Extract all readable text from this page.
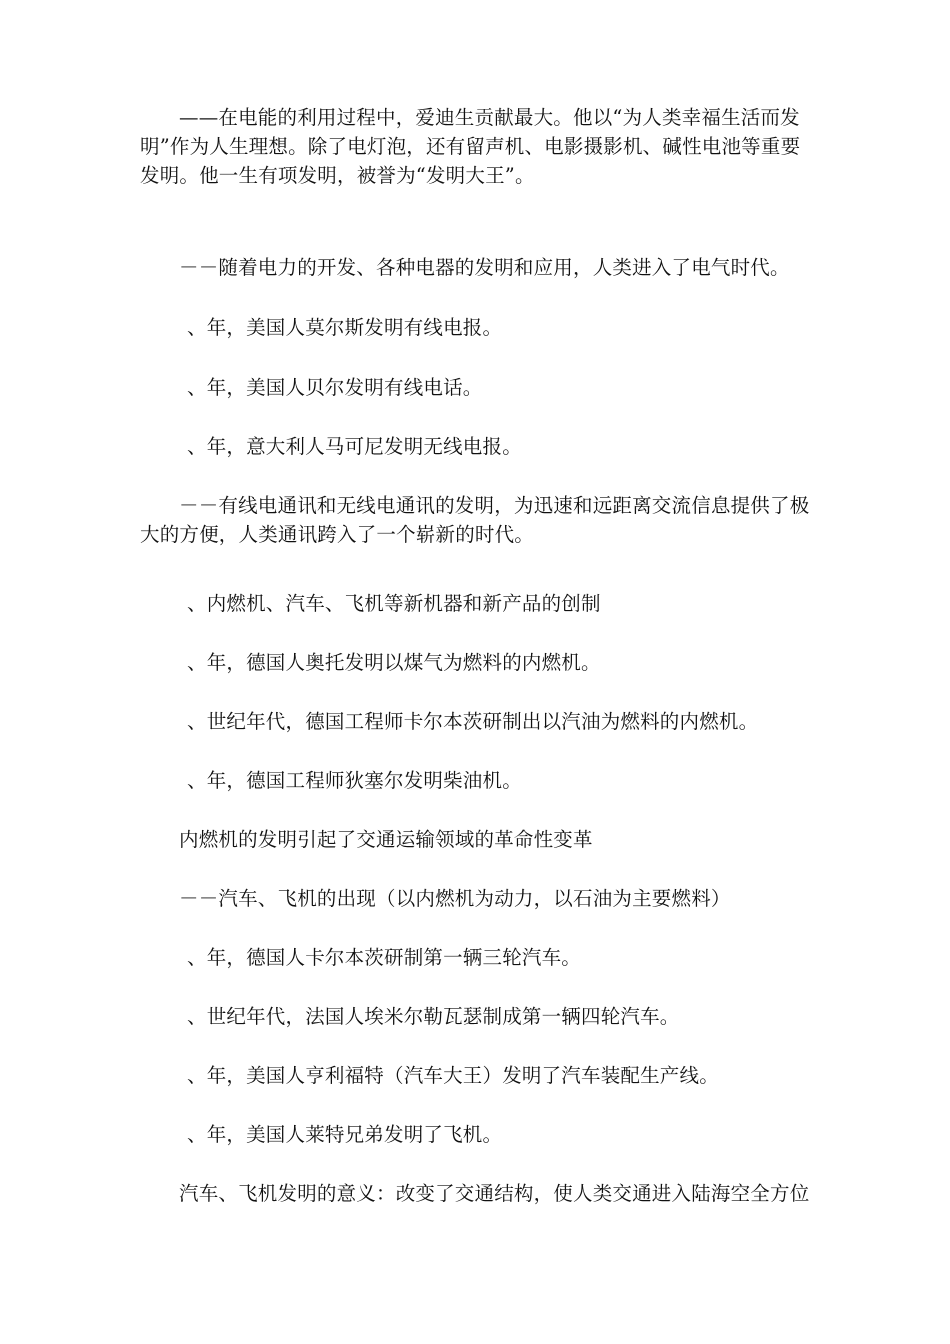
——在电能的利用过程中，爱迪生贡献最大。他以“为人类幸福生活而发明”作为人生理想。除了电灯泡，还有留声机、电影摄影机、碱性电池等重要发明。他一生有项发明，被誉为“发明大王”。

－－随着电力的开发、各种电器的发明和应用，人类进入了电气时代。

、年，美国人莫尔斯发明有线电报。

、年，美国人贝尔发明有线电话。

、年，意大利人马可尼发明无线电报。

－－有线电通讯和无线电通讯的发明，为迅速和远距离交流信息提供了极大的方便，人类通讯跨入了一个崭新的时代。

、内燃机、汽车、飞机等新机器和新产品的创制

、年，德国人奥托发明以煤气为燃料的内燃机。

、世纪年代，德国工程师卡尔本茨研制出以汽油为燃料的内燃机。

、年，德国工程师狄塞尔发明柴油机。

内燃机的发明引起了交通运输领域的革命性变革

－－汽车、飞机的出现（以内燃机为动力，以石油为主要燃料）

、年，德国人卡尔本茨研制第一辆三轮汽车。

、世纪年代，法国人埃米尔勒瓦瑟制成第一辆四轮汽车。

、年，美国人亨利福特（汽车大王）发明了汽车装配生产线。

、年，美国人莱特兄弟发明了飞机。

汽车、飞机发明的意义：改变了交通结构，使人类交通进入陆海空全方位
